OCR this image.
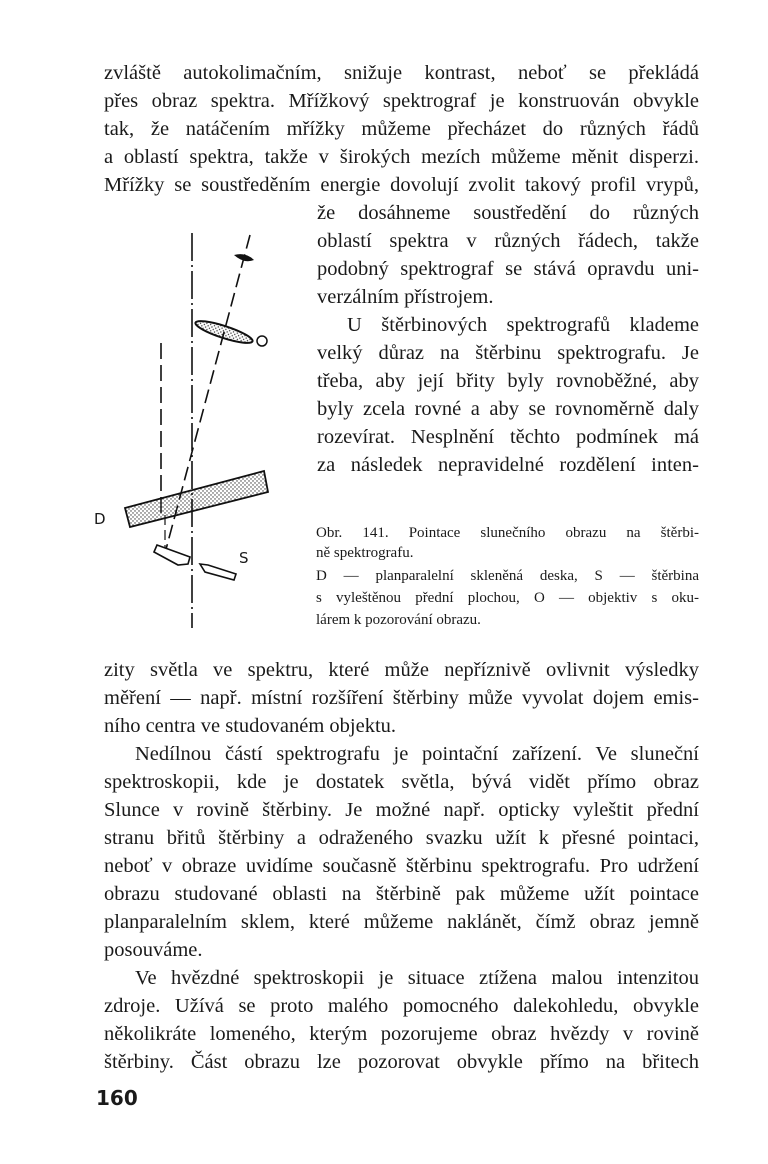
zvláště autokolimačním, snižuje kontrast, neboť se překládá
přes obraz spektra. Mřížkový spektrograf je konstruován obvykle
tak, že natáčením mřížky můžeme přecházet do různých řádů
a oblastí spektra, takže v širokých mezích můžeme měnit disperzi.
Mřížky se soustředěním energie dovolují zvolit takový profil vrypů,
že dosáhneme soustředění do různých
oblastí spektra v různých řádech, takže
podobný spektrograf se stává opravdu uni-
verzálním přístrojem.
U štěrbinových spektrografů klademe
velký důraz na štěrbinu spektrografu. Je
třeba, aby její břity byly rovnoběžné, aby
byly zcela rovné a aby se rovnoměrně daly
rozevírat. Nesplnění těchto podmínek má
za následek nepravidelné rozdělení inten-
Obr. 141. Pointace slunečního obrazu na štěrbi-
ně spektrografu.
D — planparalelní skleněná deska, S — štěrbina
s vyleštěnou přední plochou, O — objektiv s oku-
lárem k pozorování obrazu.
D
S
zity světla ve spektru, které může nepříznivě ovlivnit výsledky
měření — např. místní rozšíření štěrbiny může vyvolat dojem emis-
ního centra ve studovaném objektu.
Nedílnou částí spektrografu je pointační zařízení. Ve sluneční
spektroskopii, kde je dostatek světla, bývá vidět přímo obraz
Slunce v rovině štěrbiny. Je možné např. opticky vyleštit přední
stranu břitů štěrbiny a odraženého svazku užít k přesné pointaci,
neboť v obraze uvidíme současně štěrbinu spektrografu. Pro udržení
obrazu studované oblasti na štěrbině pak můžeme užít pointace
planparalelním sklem, které můžeme naklánět, čímž obraz jemně
posouváme.
Ve hvězdné spektroskopii je situace ztížena malou intenzitou
zdroje. Užívá se proto malého pomocného dalekohledu, obvykle
několikráte lomeného, kterým pozorujeme obraz hvězdy v rovině
štěrbiny. Část obrazu lze pozorovat obvykle přímo na břitech
160
